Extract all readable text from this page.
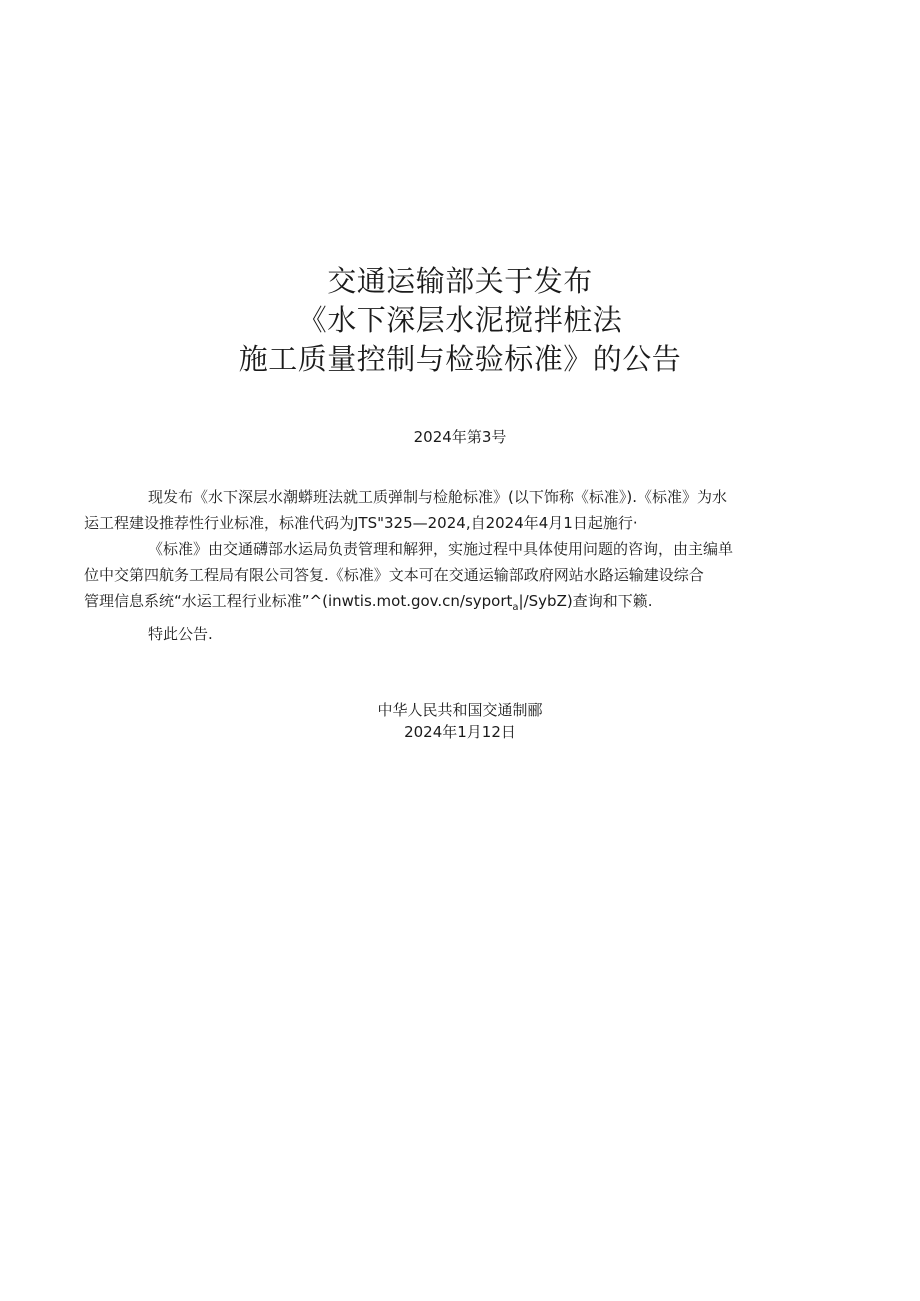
交通运输部关于发布
《水下深层水泥搅拌桩法
施工质量控制与检验标准》的公告
2024年第3号

现发布《水下深层水潮蟒班法就工质弹制与检舱标准》(以下饰称《标准》).《标准》为水
运工程建设推荐性行业标准，标准代码为JTS"325—2024,自2024年4月1日起施行·

《标准》由交通礴部水运局负责管理和解狎，实施过程中具体使用问题的咨询，由主编单
位中交第四航务工程局有限公司答复.《标准》文本可在交通运输部政府网站水路运输建设综合
管理信息系统“水运工程行业标准”^(inwtis.mot.gov.cn/syport$_a$|/SybZ)查询和下籁.

特此公告.

中华人民共和国交通制郦
2024年1月12日
